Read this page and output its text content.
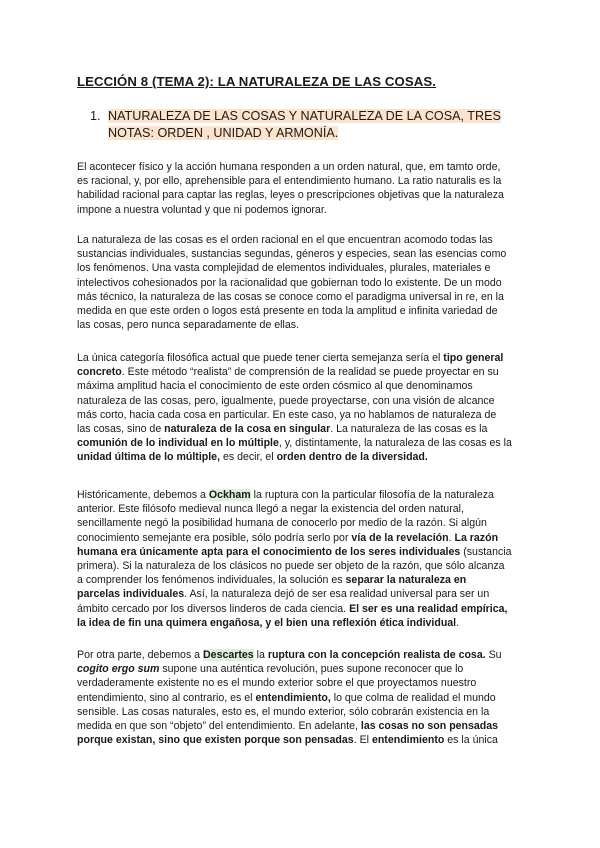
LECCIÓN 8 (TEMA 2): LA NATURALEZA DE LAS COSAS.
1. NATURALEZA DE LAS COSAS Y NATURALEZA DE LA COSA, TRES NOTAS: ORDEN , UNIDAD Y ARMONÍA.

El acontecer físico y la acción humana responden a un orden natural, que, em tamto orde,
es racional, y, por ello, aprehensible para el entendimiento humano. La ratio naturalis es la
habilidad racional para captar las reglas, leyes o prescripciones objetivas que la naturaleza
impone a nuestra voluntad y que ni podemos ignorar.

La naturaleza de las cosas es el orden racional en el que encuentran acomodo todas las
sustancias individuales, sustancias segundas, géneros y especies, sean las esencias como
los fenómenos. Una vasta complejidad de elementos individuales, plurales, materiales e
intelectivos cohesionados por la racionalidad que gobiernan todo lo existente. De un modo
más técnico, la naturaleza de las cosas se conoce como el paradigma universal in re, en la
medida en que este orden o logos está presente en toda la amplitud e infinita variedad de
las cosas, pero nunca separadamente de ellas.

La única categoría filosófica actual que puede tener cierta semejanza sería el tipo general
concreto. Este método “realista” de comprensión de la realidad se puede proyectar en su
máxima amplitud hacia el conocimiento de este orden cósmico al que denominamos
naturaleza de las cosas, pero, igualmente, puede proyectarse, con una visión de alcance
más corto, hacia cada cosa en particular. En este caso, ya no hablamos de naturaleza de
las cosas, sino de naturaleza de la cosa en singular. La naturaleza de las cosas es la
comunión de lo individual en lo múltiple, y, distintamente, la naturaleza de las cosas es la
unidad última de lo múltiple, es decir, el orden dentro de la diversidad.

Históricamente, debemos a Ockham la ruptura con la particular filosofía de la naturaleza
anterior. Este filósofo medieval nunca llegó a negar la existencia del orden natural,
sencillamente negó la posibilidad humana de conocerlo por medio de la razón. Si algún
conocimiento semejante era posible, sólo podría serlo por vía de la revelación. La razón
humana era únicamente apta para el conocimiento de los seres individuales (sustancia
primera). Si la naturaleza de los clásicos no puede ser objeto de la razón, que sólo alcanza
a comprender los fenómenos individuales, la solución es separar la naturaleza en
parcelas individuales. Así, la naturaleza dejó de ser esa realidad universal para ser un
ámbito cercado por los diversos linderos de cada ciencia. El ser es una realidad empírica,
la idea de fin una quimera engañosa, y el bien una reflexión ética individual.

Por otra parte, debemos a Descartes la ruptura con la concepción realista de cosa. Su
cogito ergo sum supone una auténtica revolución, pues supone reconocer que lo
verdaderamente existente no es el mundo exterior sobre el que proyectamos nuestro
entendimiento, sino al contrario, es el entendimiento, lo que colma de realidad el mundo
sensible. Las cosas naturales, esto es, el mundo exterior, sólo cobrarán existencia en la
medida en que son “objeto” del entendimiento. En adelante, las cosas no son pensadas
porque existan, sino que existen porque son pensadas. El entendimiento es la única
